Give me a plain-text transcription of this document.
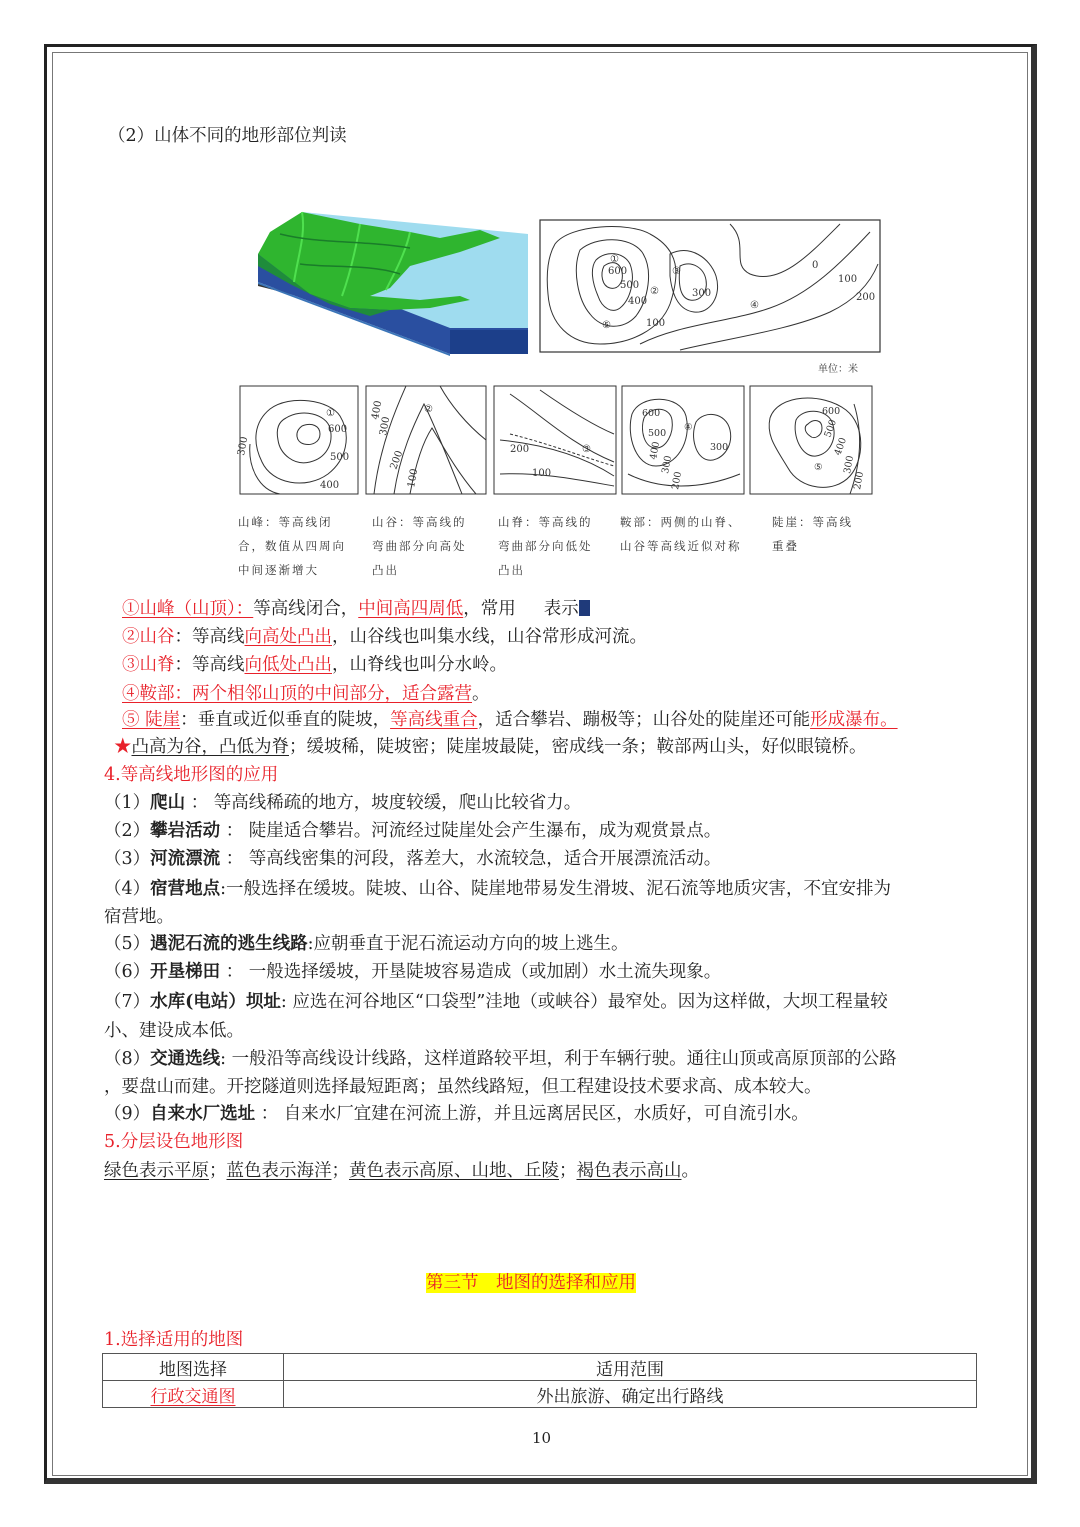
（2）山体不同的地形部位判读
600
500
400
300
100
0
200
100
①
②
③
④
⑤
单位：米
①
600
500
400
300
400
300
200
100
②
200
100
③
600
500
400
300
200
④
300
600
500
400
300
200
⑤
山峰：等高线闭
合，数值从四周向
中间逐渐增大
山谷：等高线的
弯曲部分向高处
凸出
山脊：等高线的
弯曲部分向低处
凸出
鞍部：两侧的山脊、
山谷等高线近似对称
陡崖：等高线
重叠
①山峰（山顶）：等高线闭合，中间高四周低，常用 表示
②山谷：等高线向高处凸出，山谷线也叫集水线，山谷常形成河流。
③山脊：等高线向低处凸出，山脊线也叫分水岭。
④鞍部：两个相邻山顶的中间部分，适合露营。
⑤ 陡崖：垂直或近似垂直的陡坡，等高线重合，适合攀岩、蹦极等；山谷处的陡崖还可能形成瀑布。
★凸高为谷，凸低为脊；缓坡稀，陡坡密；陡崖坡最陡，密成线一条；鞍部两山头，好似眼镜桥。
4.等高线地形图的应用
（1）爬山 ： 等高线稀疏的地方，坡度较缓，爬山比较省力。
（2）攀岩活动 ： 陡崖适合攀岩。河流经过陡崖处会产生瀑布，成为观赏景点。
（3）河流漂流 ： 等高线密集的河段，落差大，水流较急，适合开展漂流活动。
（4）宿营地点:一般选择在缓坡。陡坡、山谷、陡崖地带易发生滑坡、泥石流等地质灾害，不宜安排为
宿营地。
（5）遇泥石流的逃生线路:应朝垂直于泥石流运动方向的坡上逃生。
（6）开垦梯田 ： 一般选择缓坡，开垦陡坡容易造成（或加剧）水土流失现象。
（7）水库(电站）坝址: 应选在河谷地区“口袋型”洼地（或峡谷）最窄处。因为这样做，大坝工程量较
小、建设成本低。
（8）交通选线: 一般沿等高线设计线路，这样道路较平坦，利于车辆行驶。通往山顶或高原顶部的公路
，要盘山而建。开挖隧道则选择最短距离；虽然线路短，但工程建设技术要求高、成本较大。
（9）自来水厂选址 ： 自来水厂宜建在河流上游，并且远离居民区，水质好，可自流引水。
5.分层设色地形图
绿色表示平原；蓝色表示海洋；黄色表示高原、山地、丘陵；褐色表示高山。
第三节　地图的选择和应用
1.选择适用的地图
地图选择	适用范围
行政交通图	外出旅游、确定出行路线
10
